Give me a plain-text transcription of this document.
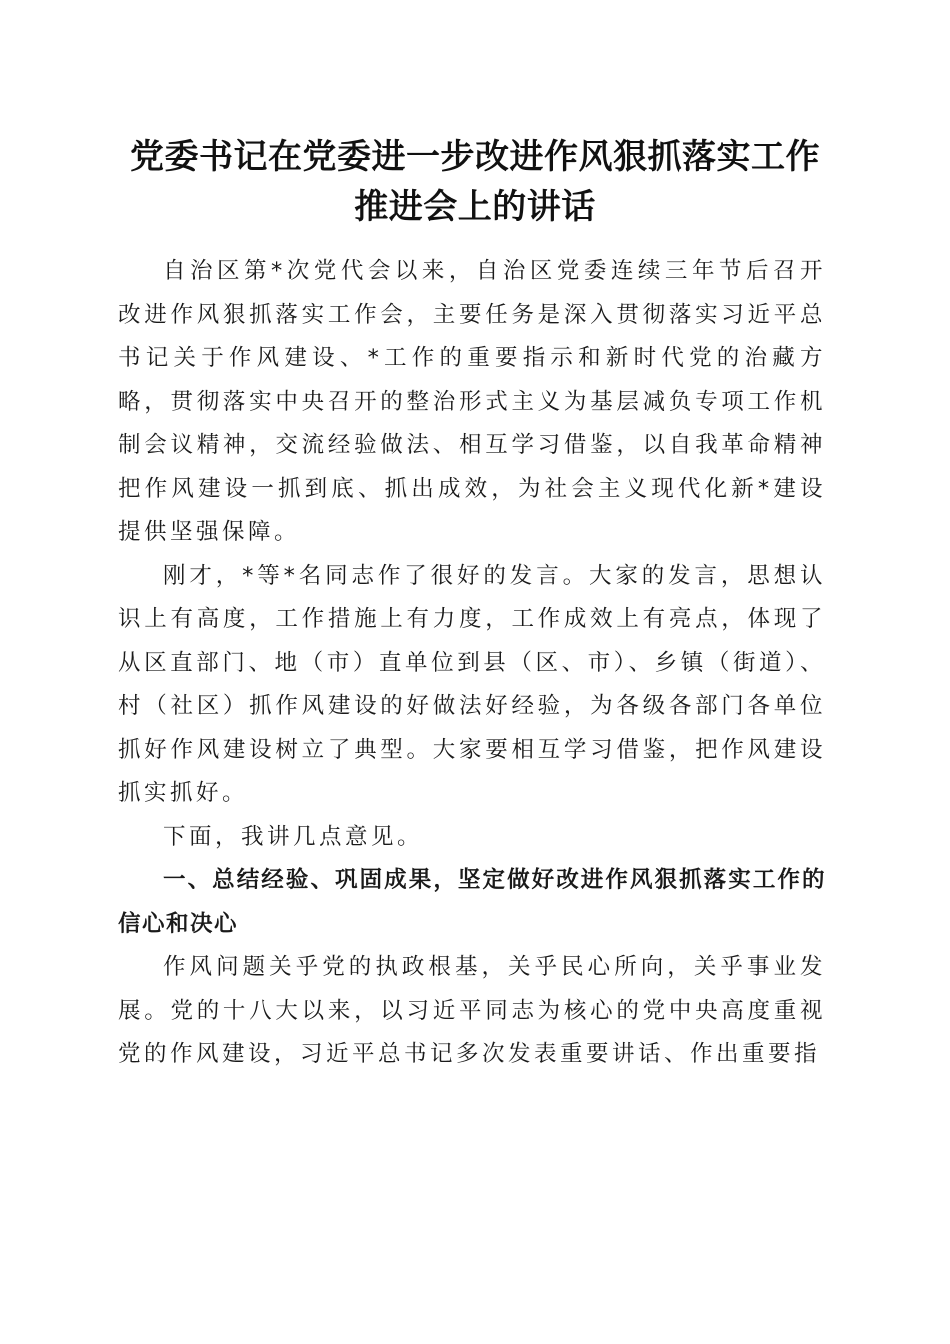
党委书记在党委进一步改进作风狠抓落实工作
推进会上的讲话

自治区第*次党代会以来，自治区党委连续三年节后召开改进作风狠抓落实工作会，主要任务是深入贯彻落实习近平总书记关于作风建设、*工作的重要指示和新时代党的治藏方略，贯彻落实中央召开的整治形式主义为基层减负专项工作机制会议精神，交流经验做法、相互学习借鉴，以自我革命精神把作风建设一抓到底、抓出成效，为社会主义现代化新*建设提供坚强保障。

刚才，*等*名同志作了很好的发言。大家的发言，思想认识上有高度，工作措施上有力度，工作成效上有亮点，体现了从区直部门、地（市）直单位到县（区、市）、乡镇（街道）、村（社区）抓作风建设的好做法好经验，为各级各部门各单位抓好作风建设树立了典型。大家要相互学习借鉴，把作风建设抓实抓好。

下面，我讲几点意见。

一、总结经验、巩固成果，坚定做好改进作风狠抓落实工作的信心和决心

作风问题关乎党的执政根基，关乎民心所向，关乎事业发展。党的十八大以来，以习近平同志为核心的党中央高度重视党的作风建设，习近平总书记多次发表重要讲话、作出重要指
